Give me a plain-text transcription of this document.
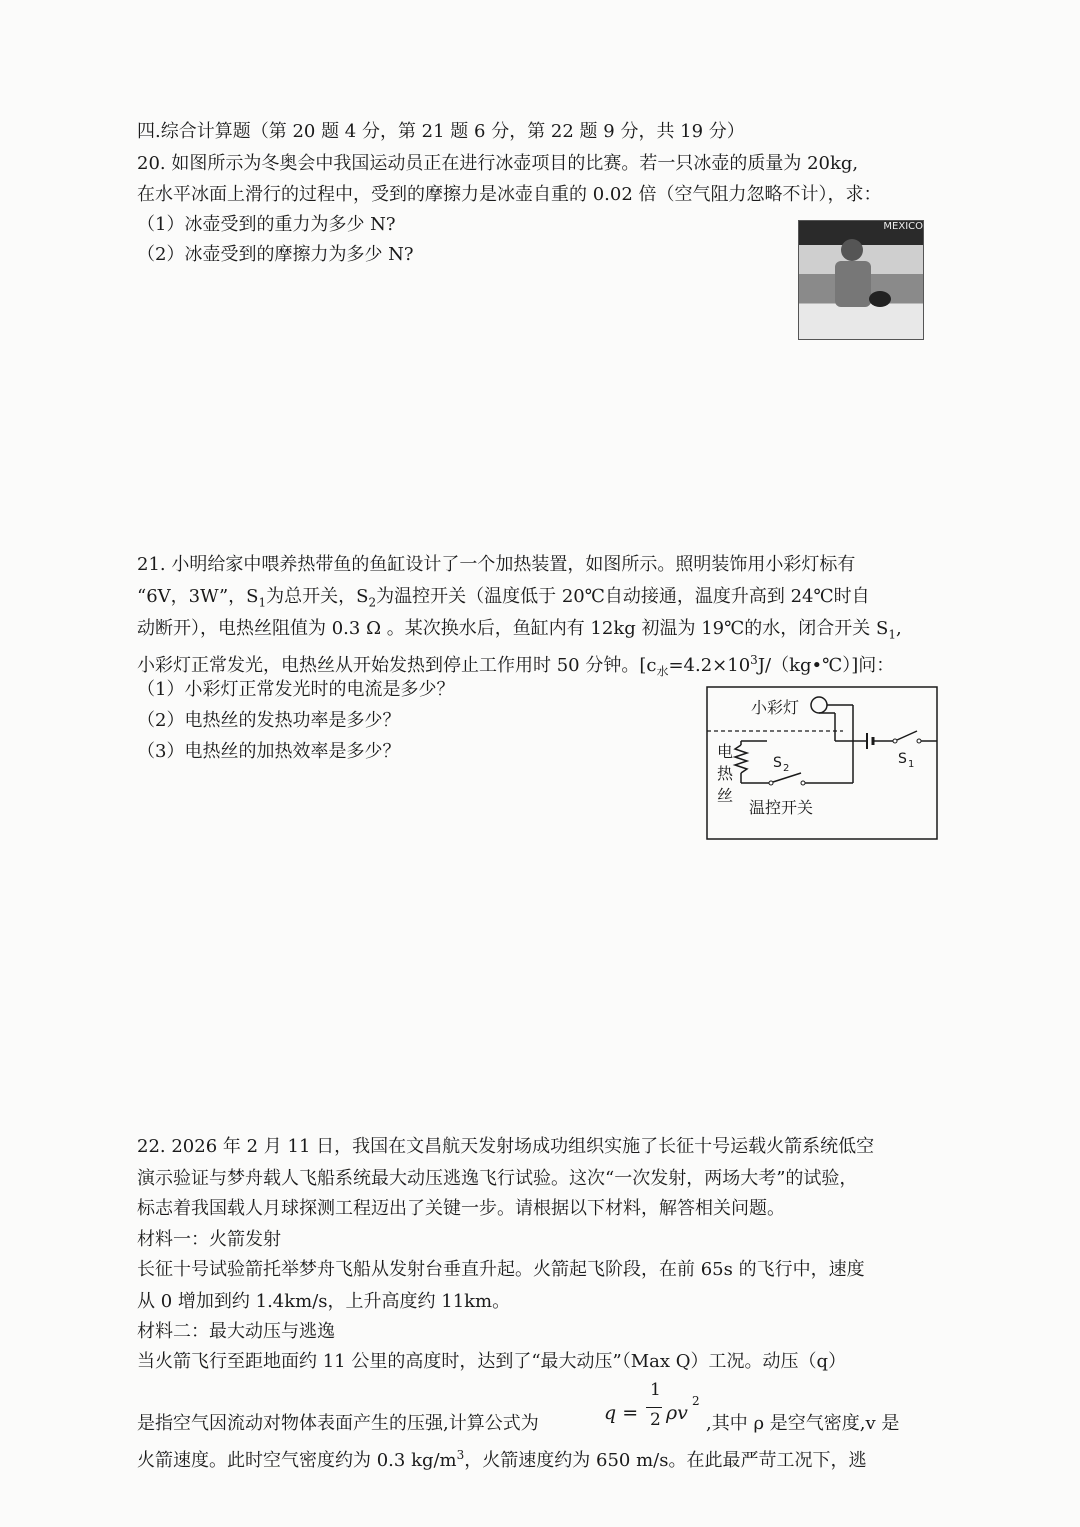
四.综合计算题（第 20 题 4 分，第 21 题 6 分，第 22 题 9 分，共 19 分）
20. 如图所示为冬奥会中我国运动员正在进行冰壶项目的比赛。若一只冰壶的质量为 20kg,
在水平冰面上滑行的过程中，受到的摩擦力是冰壶自重的 0.02 倍（空气阻力忽略不计），求：
（1）冰壶受到的重力为多少 N?
（2）冰壶受到的摩擦力为多少 N?
MEXICO
21. 小明给家中喂养热带鱼的鱼缸设计了一个加热装置，如图所示。照明装饰用小彩灯标有
“6V，3W”，$S_1$为总开关，$S_2$为温控开关（温度低于 20℃自动接通，温度升高到 24℃时自
动断开），电热丝阻值为 0.3 Ω 。某次换水后，鱼缸内有 12kg 初温为 19℃的水，闭合开关 $S_1$,
小彩灯正常发光，电热丝从开始发热到停止工作用时 50 分钟。$[c_水=4.2\times 10^3J/(kg•℃)]$问：
（1）小彩灯正常发光时的电流是多少？
（2）电热丝的发热功率是多少？
（3）电热丝的加热效率是多少？
小彩灯
S 1
电
热
丝
S 2
温控开关
22. 2026 年 2 月 11 日，我国在文昌航天发射场成功组织实施了长征十号运载火箭系统低空
演示验证与梦舟载人飞船系统最大动压逃逸飞行试验。这次“一次发射，两场大考”的试验，
标志着我国载人月球探测工程迈出了关键一步。请根据以下材料，解答相关问题。
材料一：火箭发射
长征十号试验箭托举梦舟飞船从发射台垂直升起。火箭起飞阶段，在前 65s 的飞行中，速度
从 0 增加到约 1.4km/s，上升高度约 11km。
材料二：最大动压与逃逸
当火箭飞行至距地面约 11 公里的高度时，达到了“最大动压”（Max Q）工况。动压（q）
是指空气因流动对物体表面产生的压强,计算公式为	q =
1
2 ρv
2
,其中 ρ 是空气密度,v 是
火箭速度。此时空气密度约为 0.3 $kg/m^3$，火箭速度约为 650 m/s。在此最严苛工况下，逃
